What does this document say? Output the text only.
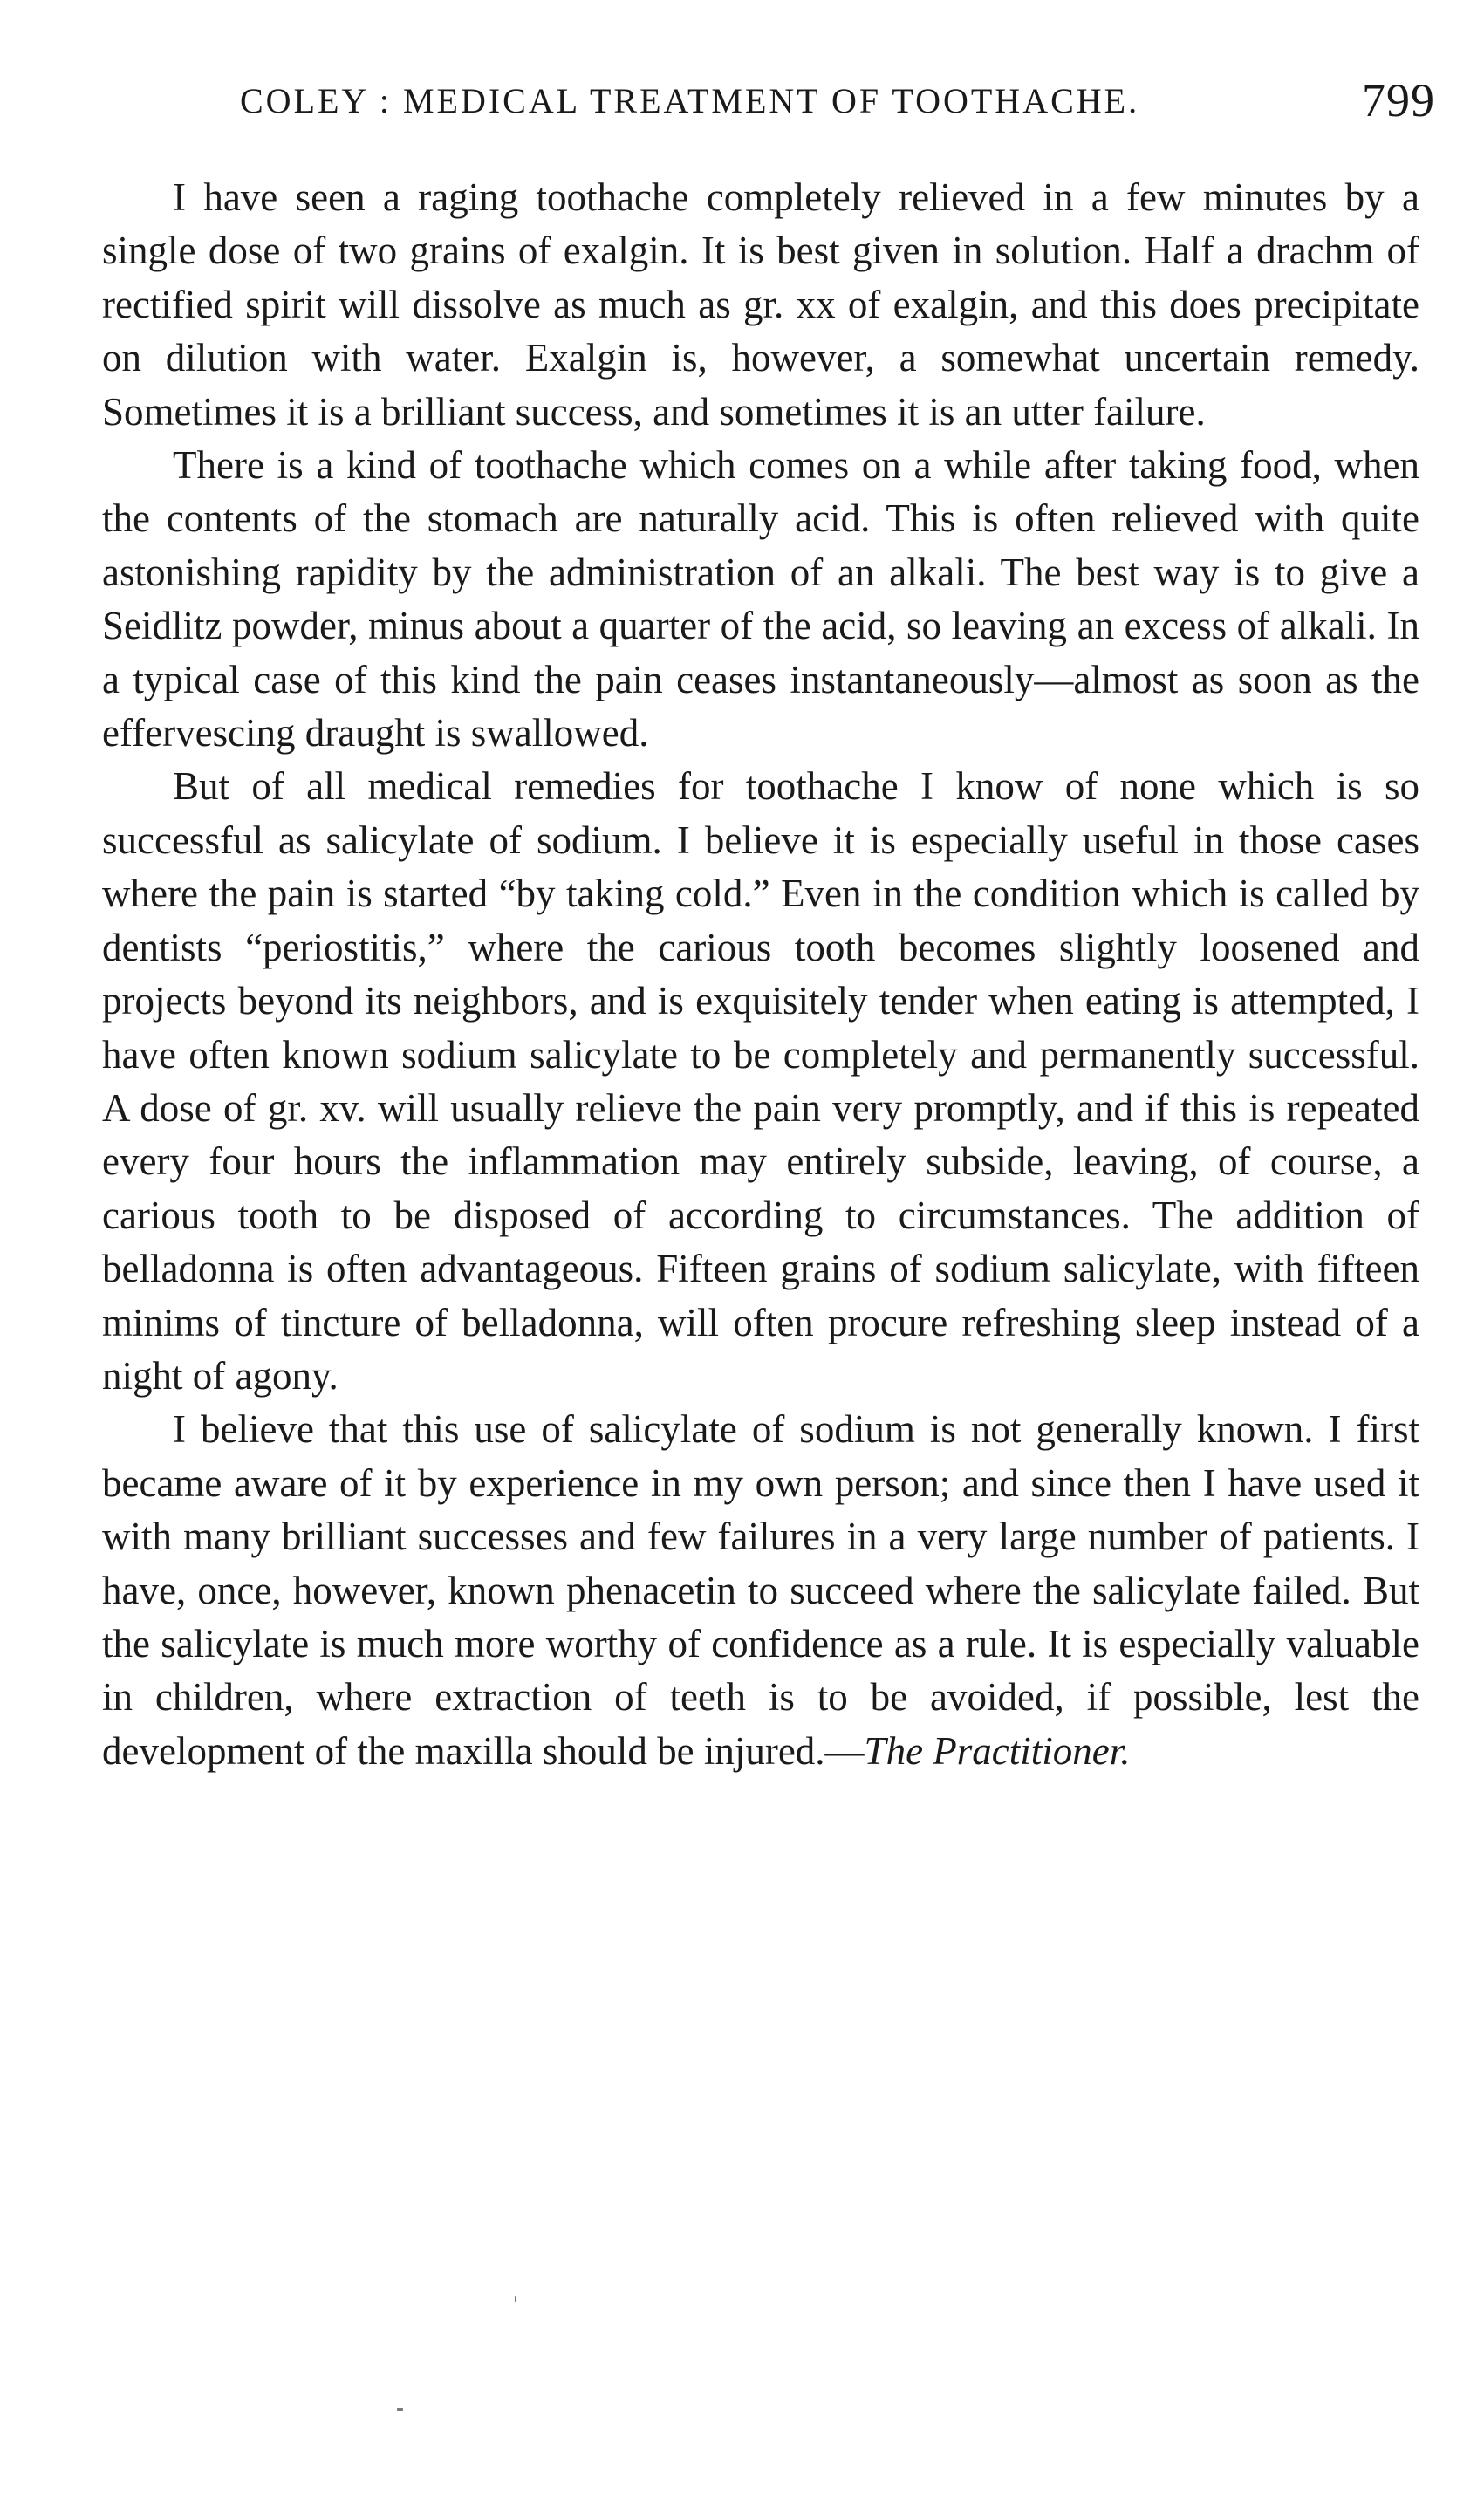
COLEY : MEDICAL TREATMENT OF TOOTHACHE.	799

I have seen a raging toothache completely relieved in a few minutes by a single dose of two grains of exalgin. It is best given in solution. Half a drachm of rectified spirit will dissolve as much as gr. xx of exalgin, and this does precipitate on dilution with water. Exalgin is, however, a somewhat uncertain remedy. Sometimes it is a brilliant success, and sometimes it is an utter failure.

There is a kind of toothache which comes on a while after taking food, when the contents of the stomach are naturally acid. This is often relieved with quite astonishing rapidity by the administration of an alkali. The best way is to give a Seidlitz powder, minus about a quarter of the acid, so leaving an excess of alkali. In a typical case of this kind the pain ceases instantaneously—almost as soon as the effervescing draught is swallowed.

But of all medical remedies for toothache I know of none which is so successful as salicylate of sodium. I believe it is especially useful in those cases where the pain is started “by taking cold.” Even in the condition which is called by dentists “periostitis,” where the carious tooth becomes slightly loosened and projects beyond its neighbors, and is exquisitely tender when eating is attempted, I have often known sodium salicylate to be completely and permanently successful. A dose of gr. xv. will usually relieve the pain very promptly, and if this is repeated every four hours the inflammation may entirely subside, leaving, of course, a carious tooth to be disposed of according to circumstances. The addition of belladonna is often advantageous. Fifteen grains of sodium salicylate, with fifteen minims of tincture of belladonna, will often procure refreshing sleep instead of a night of agony.

I believe that this use of salicylate of sodium is not generally known. I first became aware of it by experience in my own person; and since then I have used it with many brilliant successes and few failures in a very large number of patients. I have, once, however, known phenacetin to succeed where the salicylate failed. But the salicylate is much more worthy of confidence as a rule. It is especially valuable in children, where extraction of teeth is to be avoided, if possible, lest the development of the maxilla should be injured.—The Practitioner.
